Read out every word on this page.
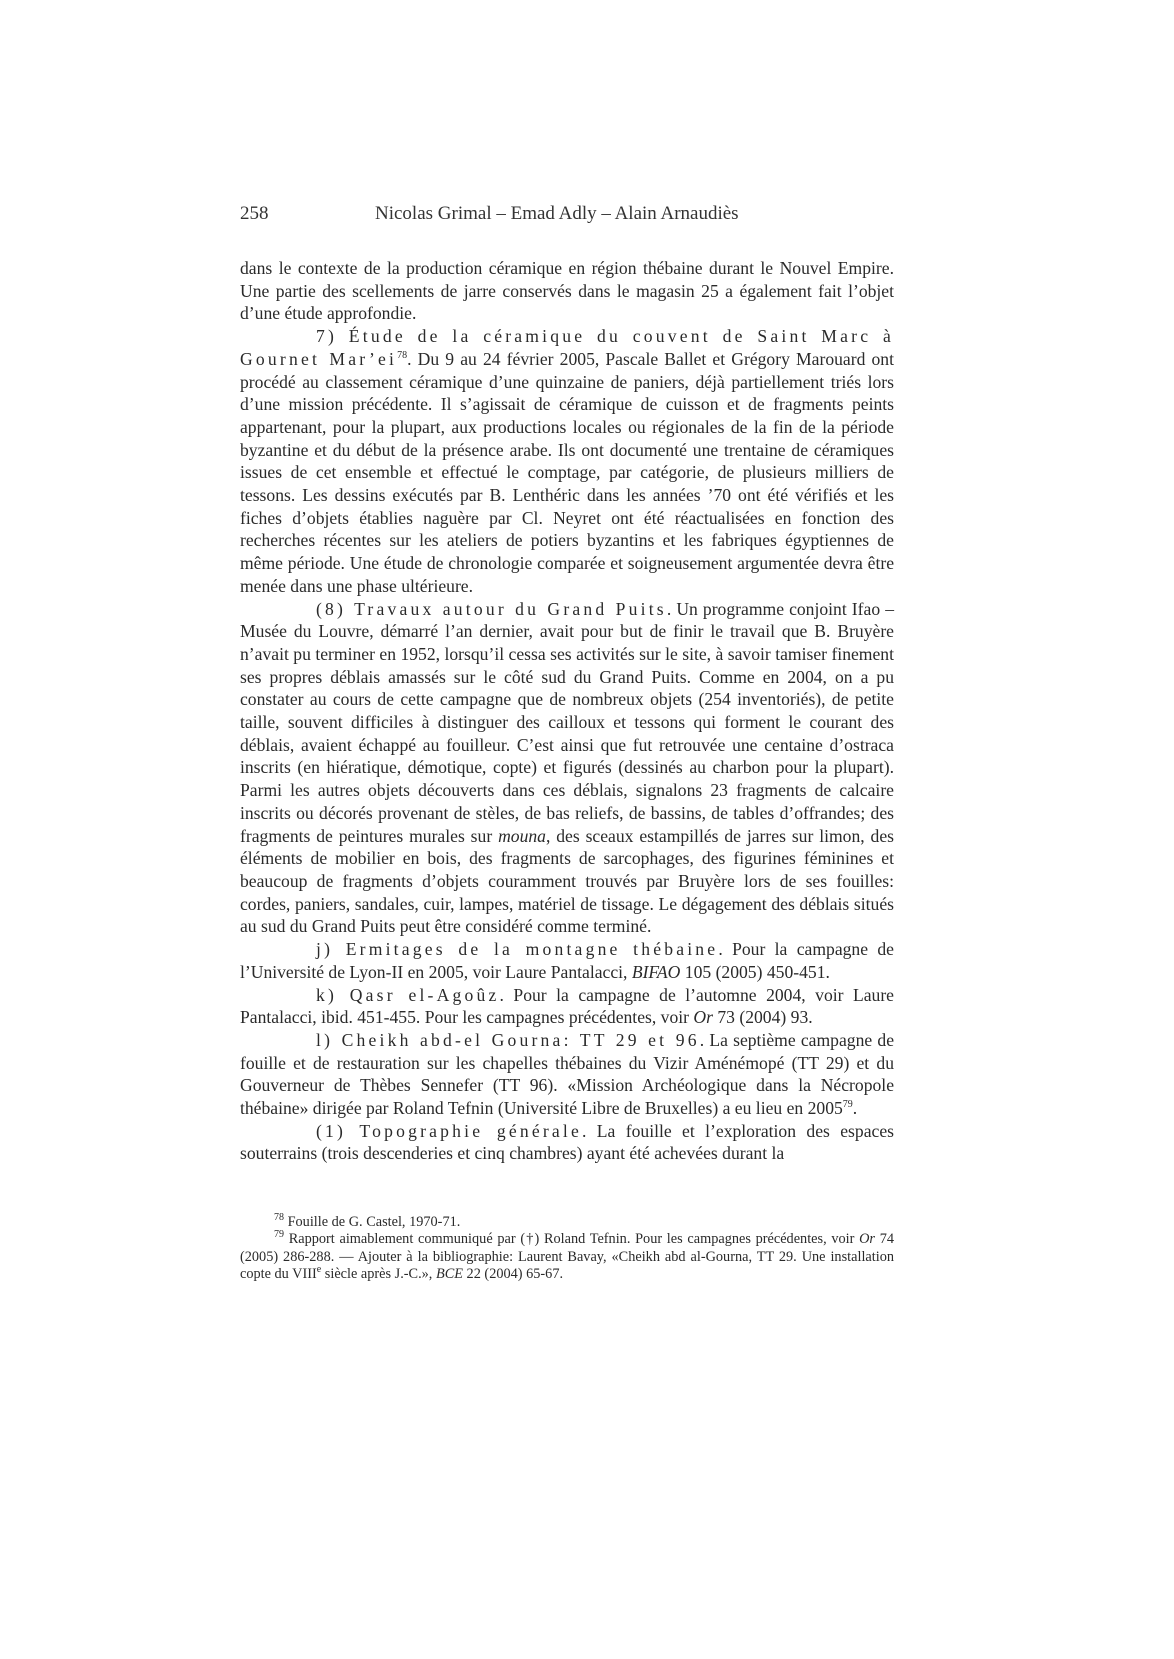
258	Nicolas Grimal – Emad Adly – Alain Arnaudiès

dans le contexte de la production céramique en région thébaine durant le Nouvel Empire. Une partie des scellements de jarre conservés dans le magasin 25 a également fait l’objet d’une étude approfondie.

7) Étude de la céramique du couvent de Saint Marc à Gournet $Mar’ei^{78}$. Du 9 au 24 février 2005, Pascale Ballet et Grégory Marouard ont procédé au classement céramique d’une quinzaine de paniers, déjà partiellement triés lors d’une mission précédente. Il s’agissait de céramique de cuisson et de fragments peints appartenant, pour la plupart, aux productions locales ou régionales de la fin de la période byzantine et du début de la présence arabe. Ils ont documenté une trentaine de céramiques issues de cet ensemble et effectué le comptage, par catégorie, de plusieurs milliers de tessons. Les dessins exécutés par B. Lenthéric dans les années ’70 ont été vérifiés et les fiches d’objets établies naguère par Cl. Neyret ont été réactualisées en fonction des recherches récentes sur les ateliers de potiers byzantins et les fabriques égyptiennes de même période. Une étude de chronologie comparée et soigneusement argumentée devra être menée dans une phase ultérieure.

(8) Travaux autour du Grand Puits. Un programme conjoint Ifao – Musée du Louvre, démarré l’an dernier, avait pour but de finir le travail que B. Bruyère n’avait pu terminer en 1952, lorsqu’il cessa ses activités sur le site, à savoir tamiser finement ses propres déblais amassés sur le côté sud du Grand Puits. Comme en 2004, on a pu constater au cours de cette campagne que de nombreux objets (254 inventoriés), de petite taille, souvent difficiles à distinguer des cailloux et tessons qui forment le courant des déblais, avaient échappé au fouilleur. C’est ainsi que fut retrouvée une centaine d’ostraca inscrits (en hiératique, démotique, copte) et figurés (dessinés au charbon pour la plupart). Parmi les autres objets découverts dans ces déblais, signalons 23 fragments de calcaire inscrits ou décorés provenant de stèles, de bas reliefs, de bassins, de tables d’offrandes; des fragments de peintures murales sur mouna, des sceaux estampillés de jarres sur limon, des éléments de mobilier en bois, des fragments de sarcophages, des figurines féminines et beaucoup de fragments d’objets couramment trouvés par Bruyère lors de ses fouilles: cordes, paniers, sandales, cuir, lampes, matériel de tissage. Le dégagement des déblais situés au sud du Grand Puits peut être considéré comme terminé.

j) Ermitages de la montagne thébaine. Pour la campagne de l’Université de Lyon-II en 2005, voir Laure Pantalacci, BIFAO 105 (2005) 450-451.

k) Qasr el-Agoûz. Pour la campagne de l’automne 2004, voir Laure Pantalacci, ibid. 451-455. Pour les campagnes précédentes, voir Or 73 (2004) 93.

l) Cheikh abd-el Gourna: TT 29 et 96. La septième campagne de fouille et de restauration sur les chapelles thébaines du Vizir Aménémopé (TT 29) et du Gouverneur de Thèbes Sennefer (TT 96). «Mission Archéologique dans la Nécropole thébaine» dirigée par Roland Tefnin (Université Libre de Bruxelles) a eu lieu en 2005$^{79}$.

(1) Topographie générale. La fouille et l’exploration des espaces souterrains (trois descenderies et cinq chambres) ayant été achevées durant la

$^{78}$ Fouille de G. Castel, 1970-71.

$^{79}$ Rapport aimablement communiqué par (†) Roland Tefnin. Pour les campagnes précédentes, voir Or 74 (2005) 286-288. — Ajouter à la bibliographie: Laurent Bavay, «Cheikh abd al-Gourna, TT 29. Une installation copte du VIIIe siècle après J.-C.», BCE 22 (2004) 65-67.
